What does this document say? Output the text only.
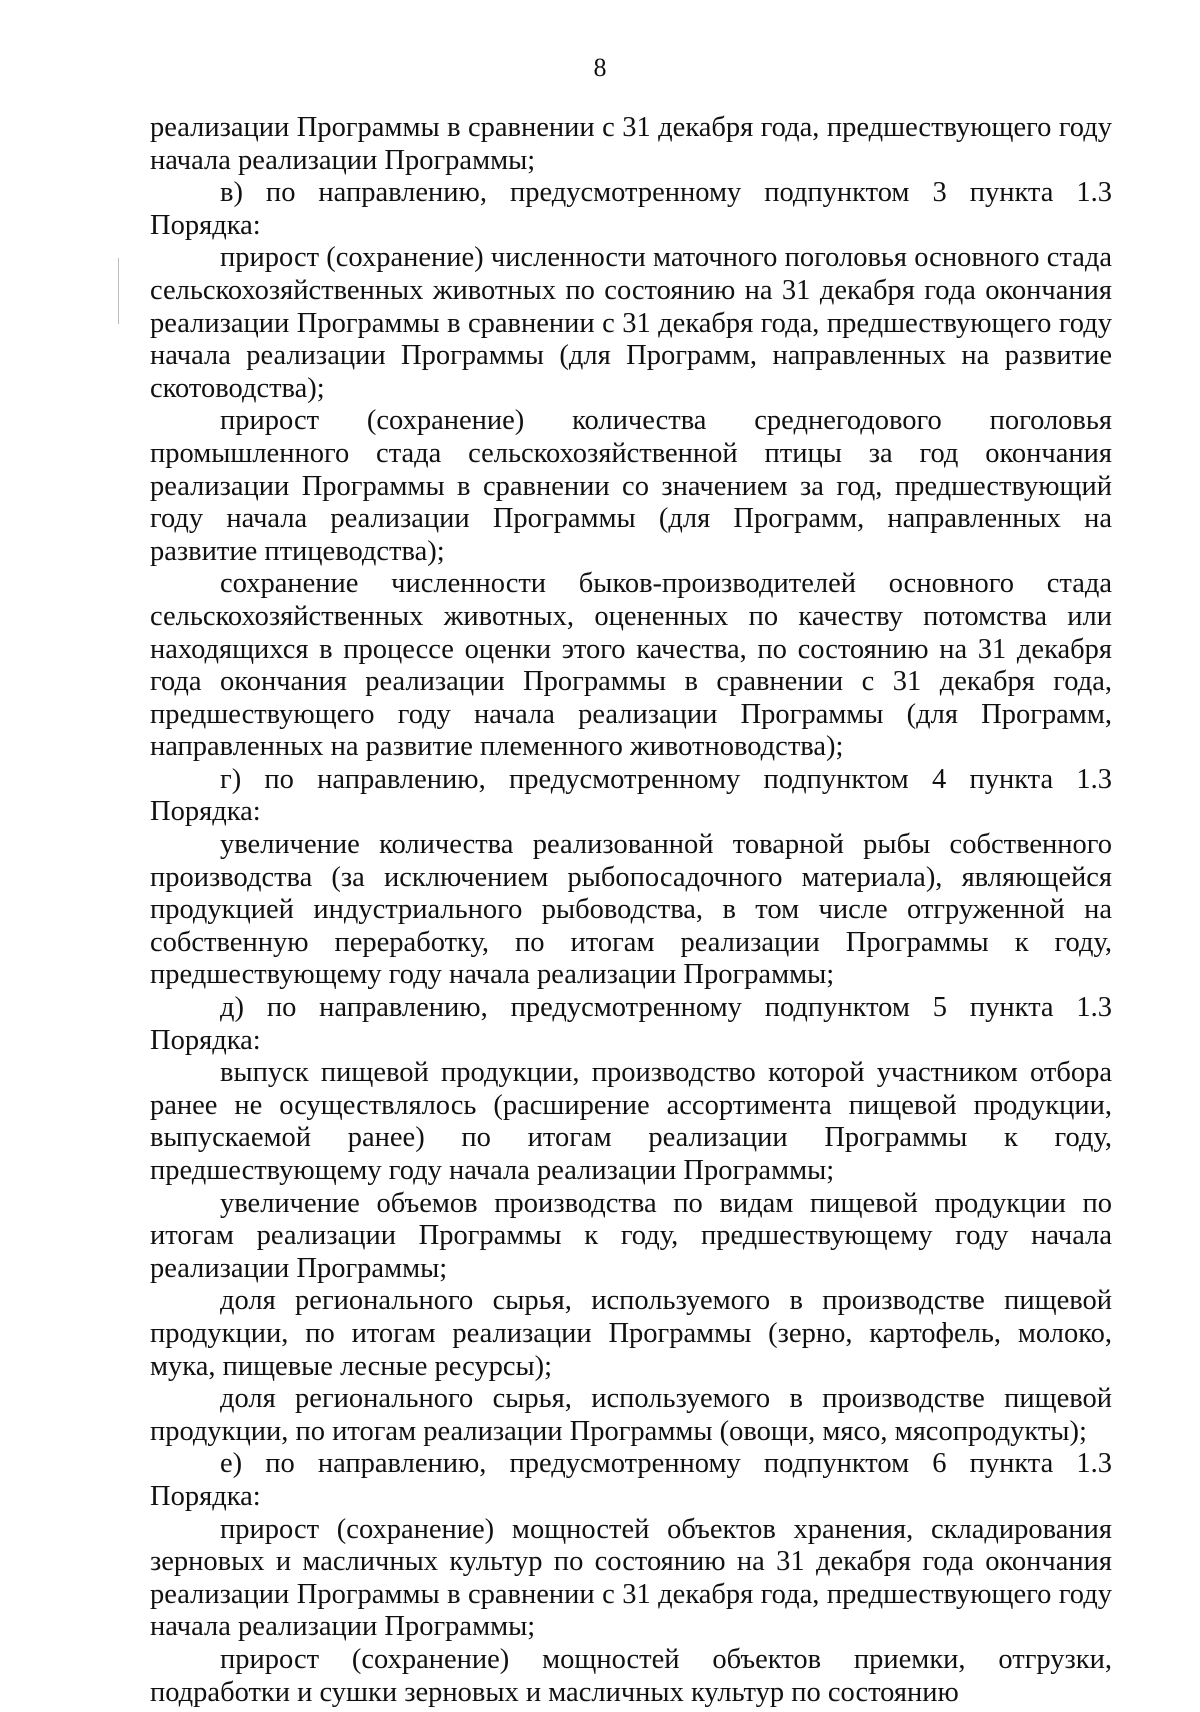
8

реализации Программы в сравнении с 31 декабря года, предшествующего году начала реализации Программы;

в) по направлению, предусмотренному подпунктом 3 пункта 1.3 Порядка:

прирост (сохранение) численности маточного поголовья основного стада сельскохозяйственных животных по состоянию на 31 декабря года окончания реализации Программы в сравнении с 31 декабря года, предшествующего году начала реализации Программы (для Программ, направленных на развитие скотоводства);

прирост (сохранение) количества среднегодового поголовья промышленного стада сельскохозяйственной птицы за год окончания реализации Программы в сравнении со значением за год, предшествующий году начала реализации Программы (для Программ, направленных на развитие птицеводства);

сохранение численности быков-производителей основного стада сельскохозяйственных животных, оцененных по качеству потомства или находящихся в процессе оценки этого качества, по состоянию на 31 декабря года окончания реализации Программы в сравнении с 31 декабря года, предшествующего году начала реализации Программы (для Программ, направленных на развитие племенного животноводства);

г) по направлению, предусмотренному подпунктом 4 пункта 1.3 Порядка:

увеличение количества реализованной товарной рыбы собственного производства (за исключением рыбопосадочного материала), являющейся продукцией индустриального рыбоводства, в том числе отгруженной на собственную переработку, по итогам реализации Программы к году, предшествующему году начала реализации Программы;

д) по направлению, предусмотренному подпунктом 5 пункта 1.3 Порядка:

выпуск пищевой продукции, производство которой участником отбора ранее не осуществлялось (расширение ассортимента пищевой продукции, выпускаемой ранее) по итогам реализации Программы к году, предшествующему году начала реализации Программы;

увеличение объемов производства по видам пищевой продукции по итогам реализации Программы к году, предшествующему году начала реализации Программы;

доля регионального сырья, используемого в производстве пищевой продукции, по итогам реализации Программы (зерно, картофель, молоко, мука, пищевые лесные ресурсы);

доля регионального сырья, используемого в производстве пищевой продукции, по итогам реализации Программы (овощи, мясо, мясопродукты);

е) по направлению, предусмотренному подпунктом 6 пункта 1.3 Порядка:

прирост (сохранение) мощностей объектов хранения, складирования зерновых и масличных культур по состоянию на 31 декабря года окончания реализации Программы в сравнении с 31 декабря года, предшествующего году начала реализации Программы;

прирост (сохранение) мощностей объектов приемки, отгрузки, подработки и сушки зерновых и масличных культур по состоянию
